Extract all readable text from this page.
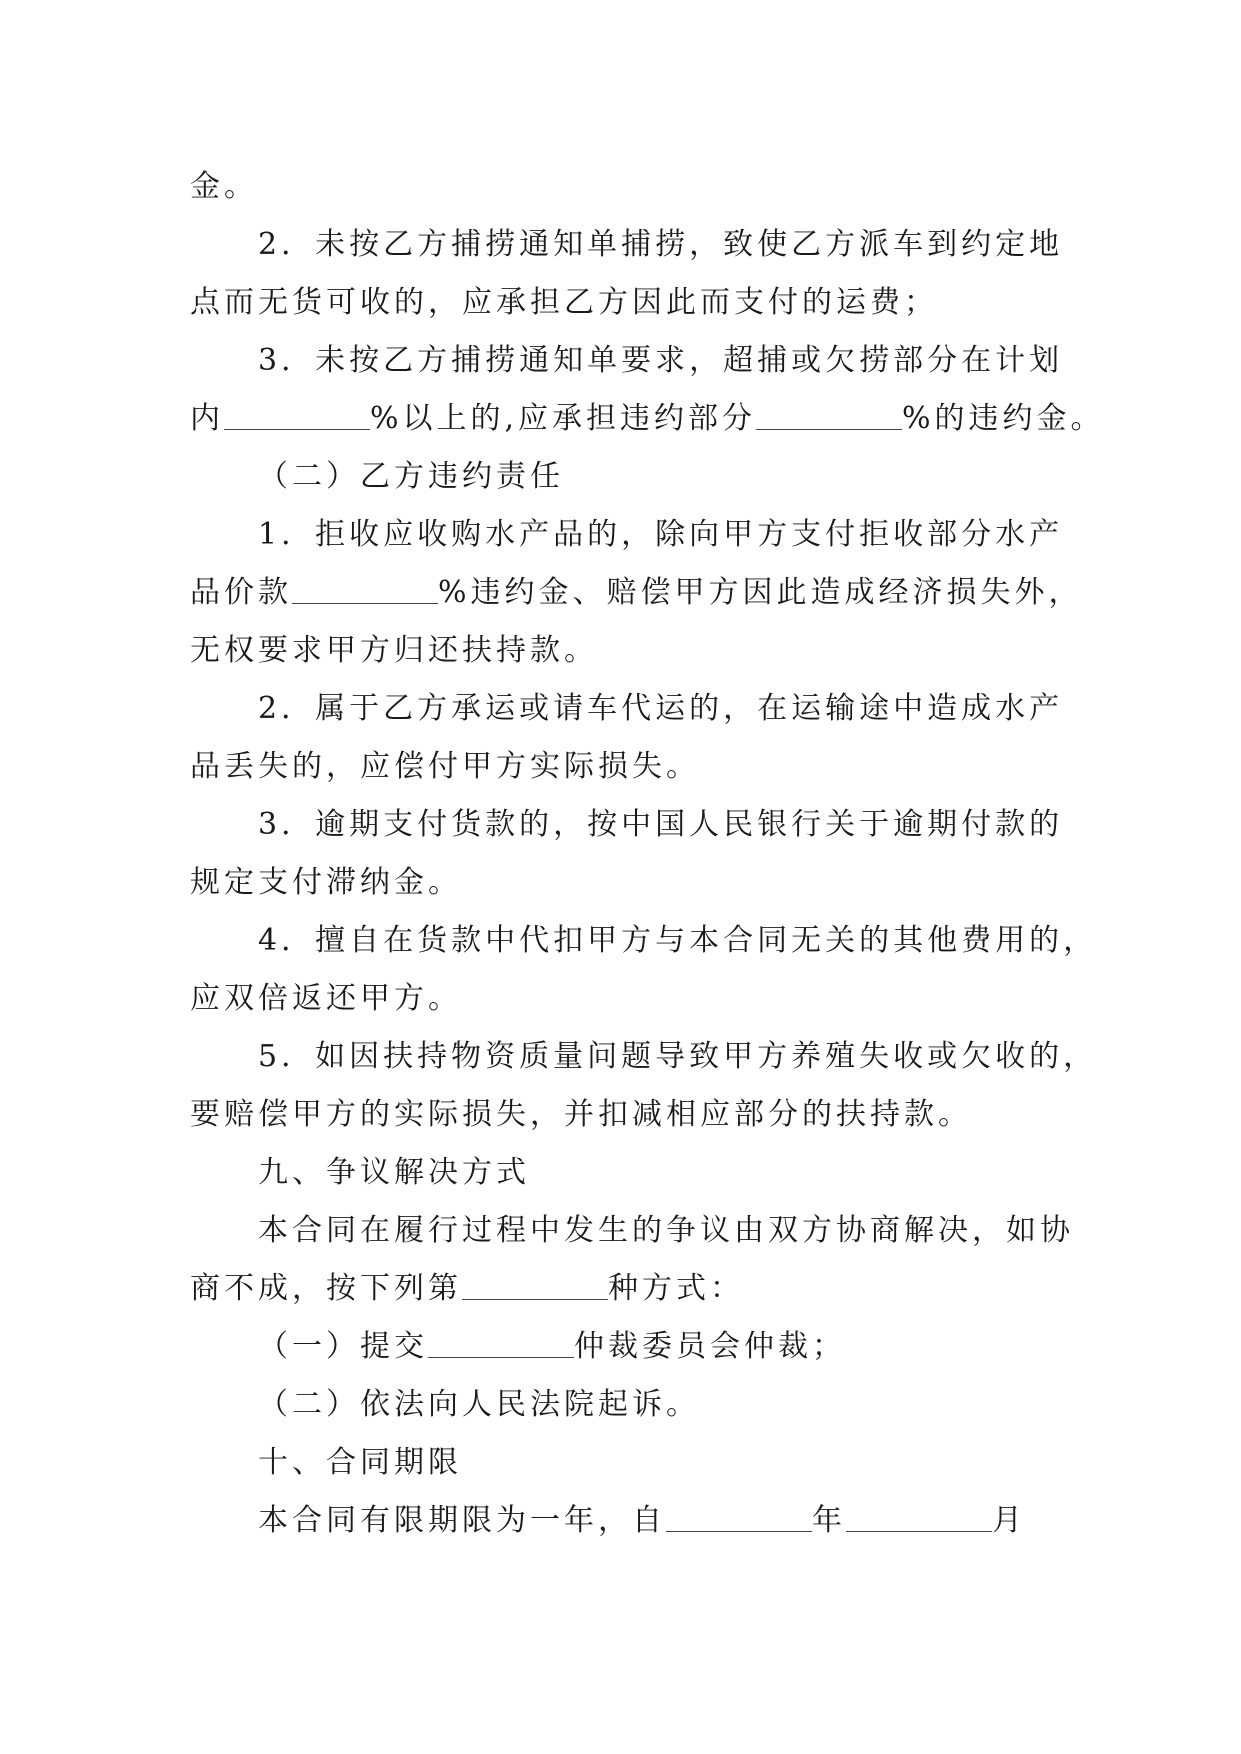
金。
2．未按乙方捕捞通知单捕捞，致使乙方派车到约定地
点而无货可收的，应承担乙方因此而支付的运费；
3．未按乙方捕捞通知单要求，超捕或欠捞部分在计划
内	%以上的,应承担违约部分	%的违约金。
（二）乙方违约责任
1．拒收应收购水产品的，除向甲方支付拒收部分水产
品价款	%违约金、赔偿甲方因此造成经济损失外，
无权要求甲方归还扶持款。
2．属于乙方承运或请车代运的，在运输途中造成水产
品丢失的，应偿付甲方实际损失。
3．逾期支付货款的，按中国人民银行关于逾期付款的
规定支付滞纳金。
4．擅自在货款中代扣甲方与本合同无关的其他费用的，
应双倍返还甲方。
5．如因扶持物资质量问题导致甲方养殖失收或欠收的，
要赔偿甲方的实际损失，并扣减相应部分的扶持款。
九、争议解决方式
本合同在履行过程中发生的争议由双方协商解决，如协
商不成，按下列第	种方式：
（一）提交	仲裁委员会仲裁；
（二）依法向人民法院起诉。
十、合同期限
本合同有限期限为一年，自	年	月
